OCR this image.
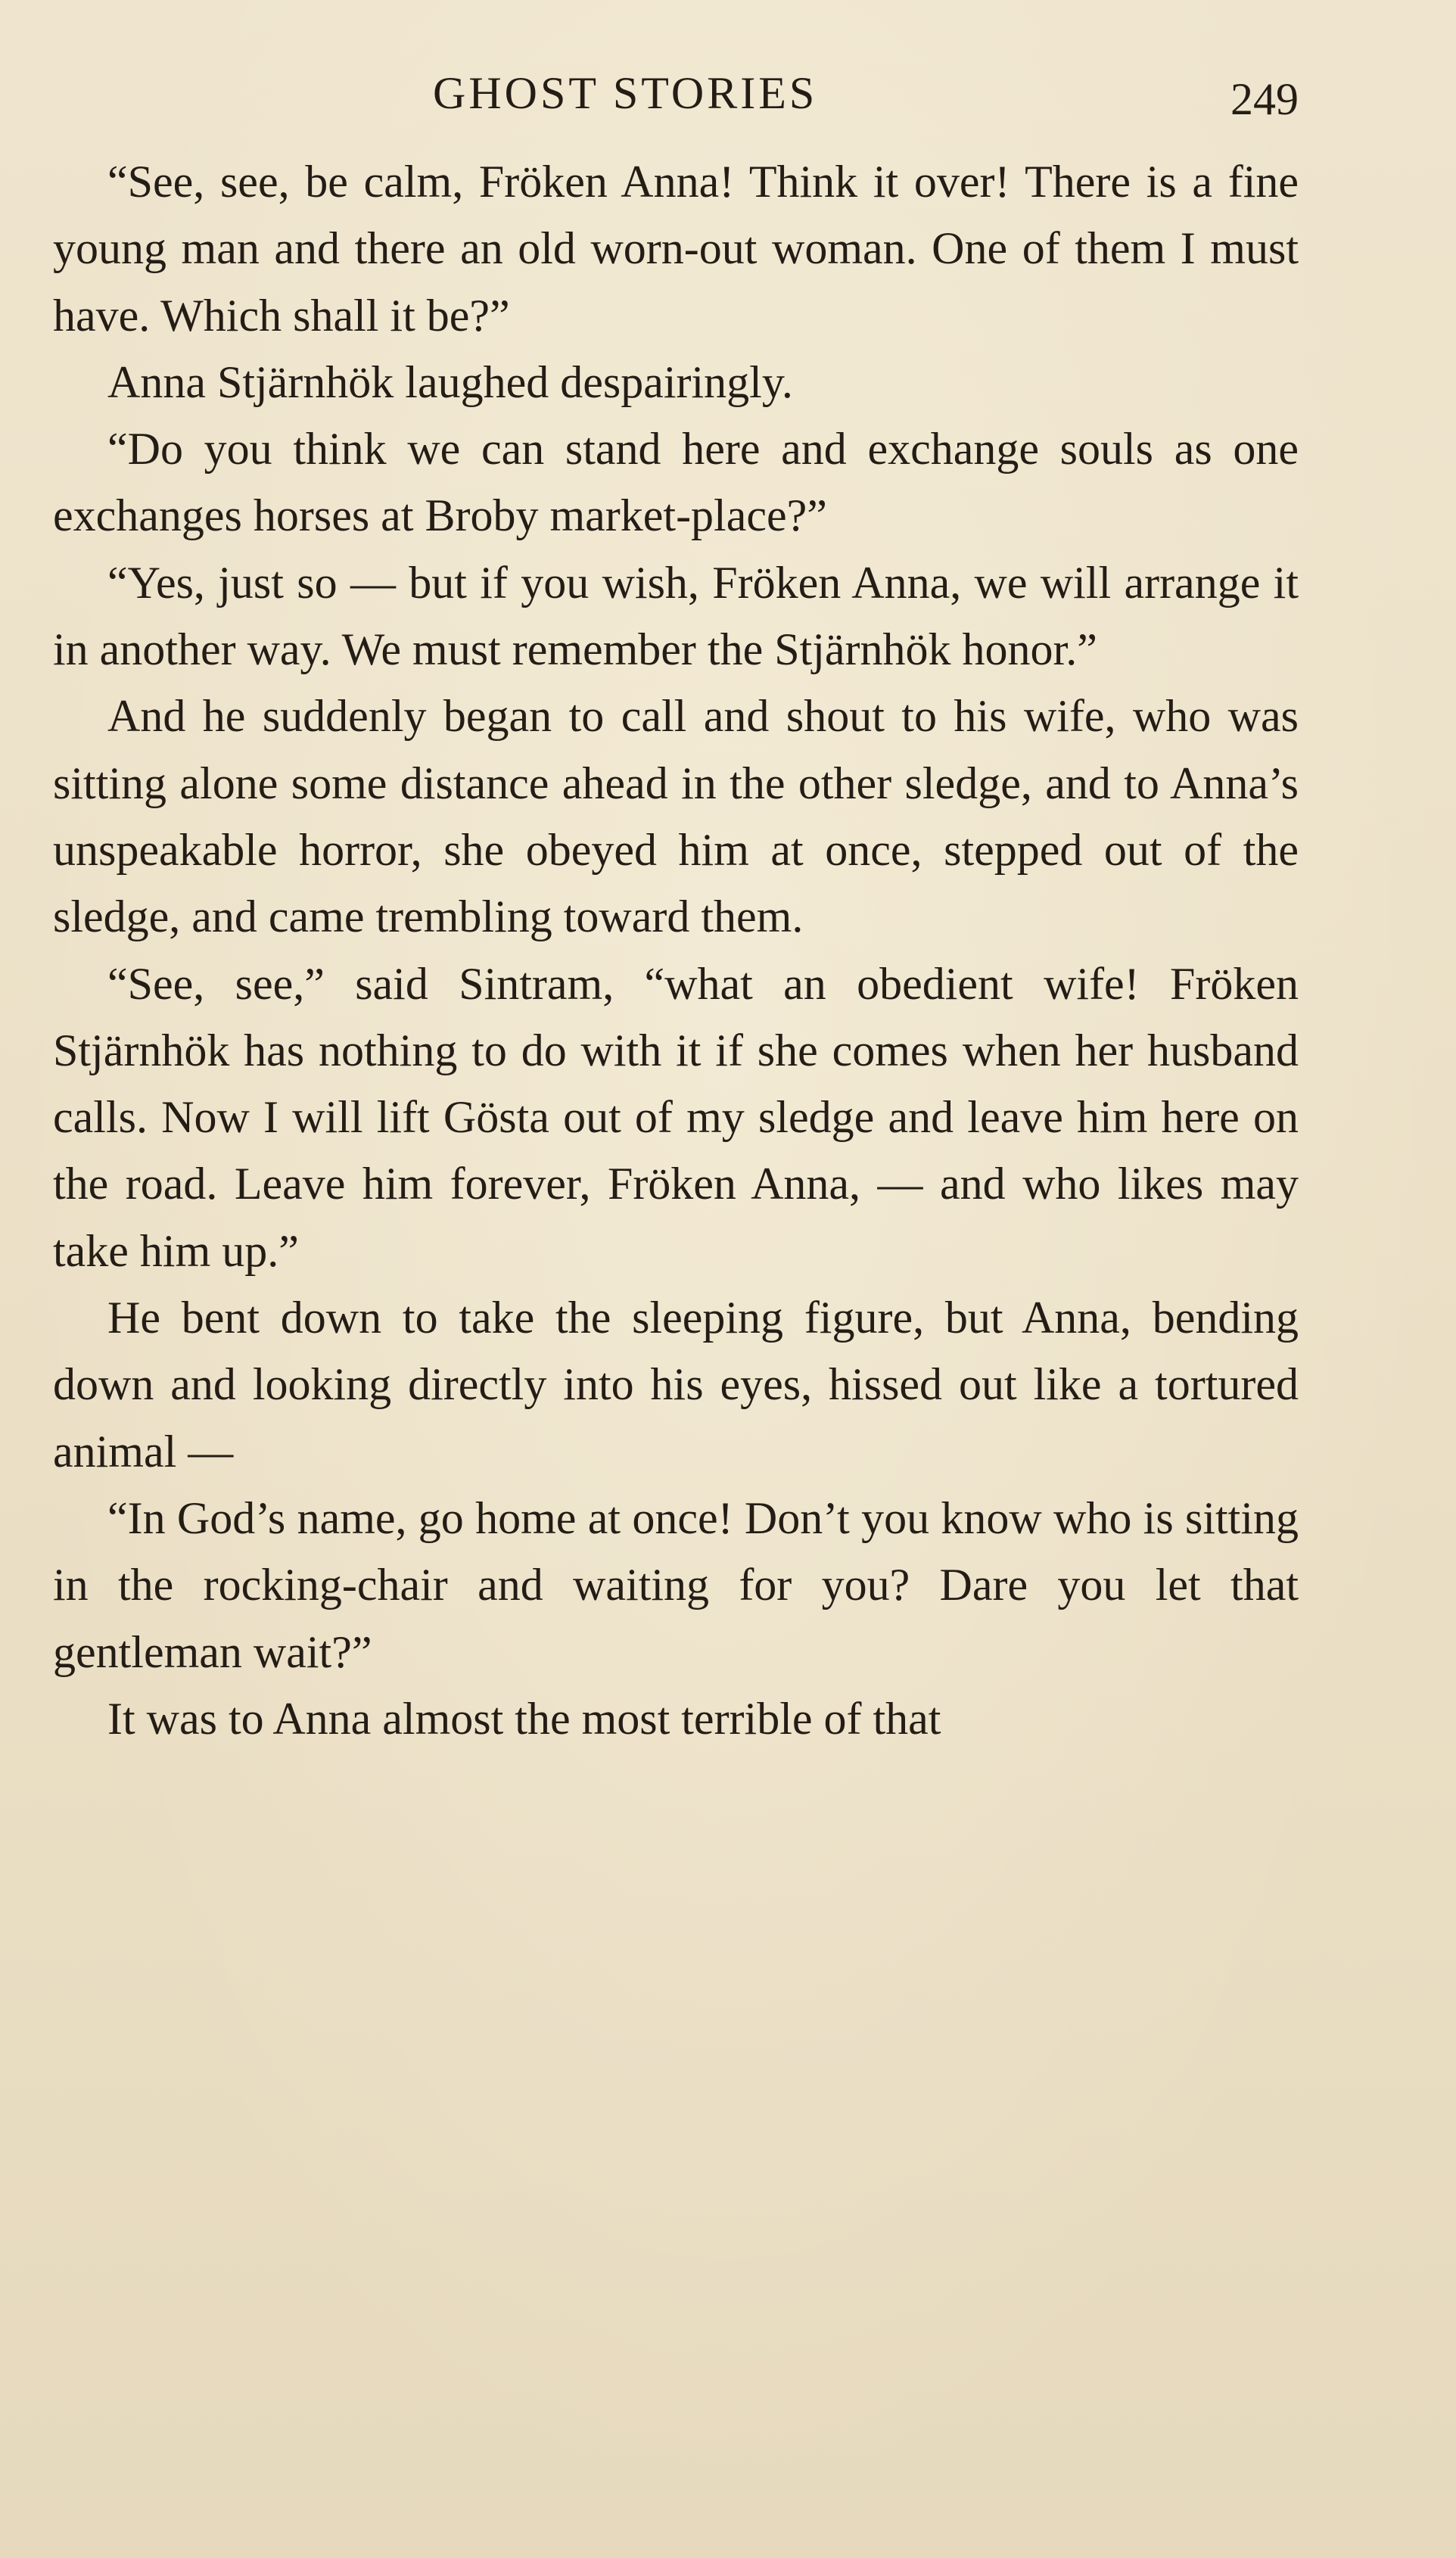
GHOST STORIES	249

“See, see, be calm, Fröken Anna! Think it over! There is a fine young man and there an old worn-out woman. One of them I must have. Which shall it be?”

Anna Stjärnhök laughed despairingly.

“Do you think we can stand here and exchange souls as one exchanges horses at Broby market-place?”

“Yes, just so — but if you wish, Fröken Anna, we will arrange it in another way. We must remember the Stjärnhök honor.”

And he suddenly began to call and shout to his wife, who was sitting alone some distance ahead in the other sledge, and to Anna’s unspeakable horror, she obeyed him at once, stepped out of the sledge, and came trembling toward them.

“See, see,” said Sintram, “what an obedient wife! Fröken Stjärnhök has nothing to do with it if she comes when her husband calls. Now I will lift Gösta out of my sledge and leave him here on the road. Leave him forever, Fröken Anna, — and who likes may take him up.”

He bent down to take the sleeping figure, but Anna, bending down and looking directly into his eyes, hissed out like a tortured animal —

“In God’s name, go home at once! Don’t you know who is sitting in the rocking-chair and waiting for you? Dare you let that gentleman wait?”

It was to Anna almost the most terrible of that
